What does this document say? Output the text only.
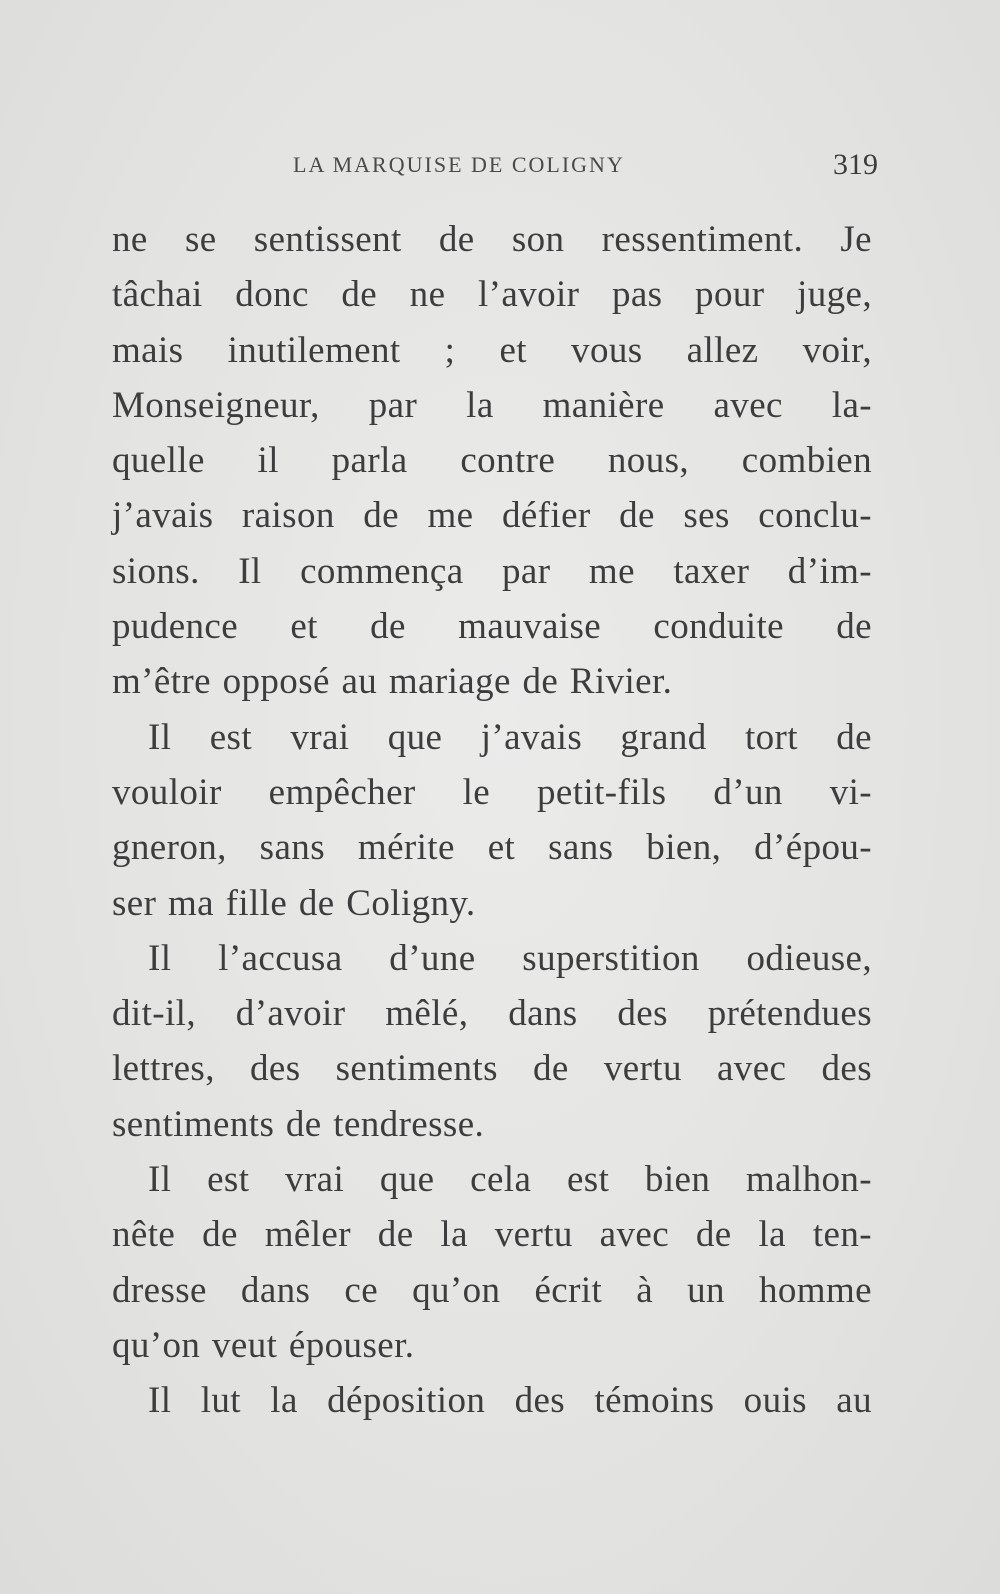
LA MARQUISE DE COLIGNY	319
ne se sentissent de son ressentiment. Je
tâchai donc de ne l’avoir pas pour juge,
mais inutilement ; et vous allez voir,
Monseigneur, par la manière avec la-
quelle il parla contre nous, combien
j’avais raison de me défier de ses conclu-
sions. Il commença par me taxer d’im-
pudence et de mauvaise conduite de
m’être opposé au mariage de Rivier.
Il est vrai que j’avais grand tort de
vouloir empêcher le petit-fils d’un vi-
gneron, sans mérite et sans bien, d’épou-
ser ma fille de Coligny.
Il l’accusa d’une superstition odieuse,
dit-il, d’avoir mêlé, dans des prétendues
lettres, des sentiments de vertu avec des
sentiments de tendresse.
Il est vrai que cela est bien malhon-
nête de mêler de la vertu avec de la ten-
dresse dans ce qu’on écrit à un homme
qu’on veut épouser.
Il lut la déposition des témoins ouis au
